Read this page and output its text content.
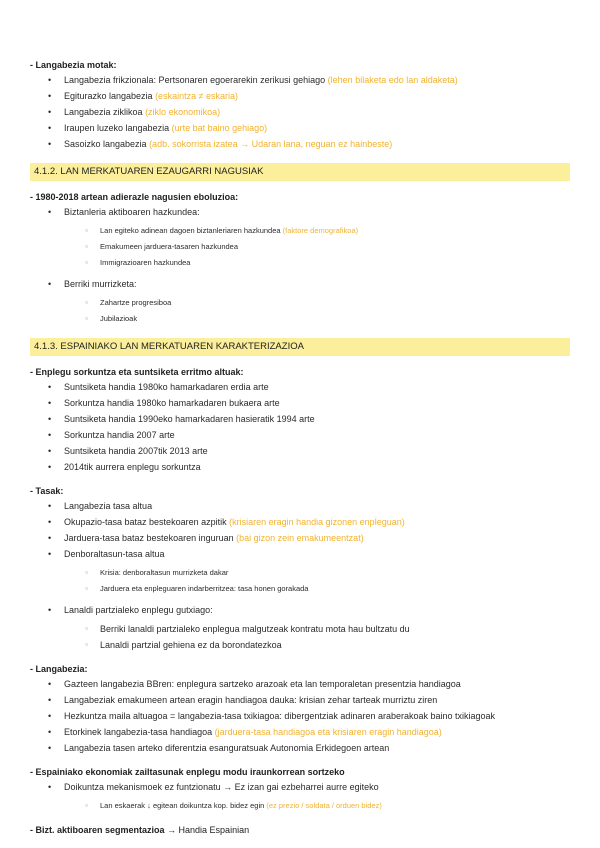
- Langabezia motak:

• Langabezia frikzionala: Pertsonaren egoerarekin zerikusi gehiago (lehen bilaketa edo lan aldaketa)
• Egiturazko langabezia (eskaintza ≠ eskaria)
• Langabezia ziklikoa (ziklo ekonomikoa)
• Iraupen luzeko langabezia (urte bat baino gehiago)
• Sasoizko langabezia (adb. sokorrista izatea → Udaran lana, neguan ez hainbeste)
4.1.2. LAN MERKATUAREN EZAUGARRI NAGUSIAK

- 1980-2018 artean adierazle nagusien eboluzioa:

• Biztanleria aktiboaren hazkundea:
○ Lan egiteko adinean dagoen biztanleriaren hazkundea (faktore demografikoa)
○ Emakumeen jarduera-tasaren hazkundea
○ Immigrazioaren hazkundea
• Berriki murrizketa:
○ Zahartze progresiboa
○ Jubilazioak
4.1.3. ESPAINIAKO LAN MERKATUAREN KARAKTERIZAZIOA

- Enplegu sorkuntza eta suntsiketa erritmo altuak:

• Suntsiketa handia 1980ko hamarkadaren erdia arte
• Sorkuntza handia 1980ko hamarkadaren bukaera arte
• Suntsiketa handia 1990eko hamarkadaren hasieratik 1994 arte
• Sorkuntza handia 2007 arte
• Suntsiketa handia 2007tik 2013 arte
• 2014tik aurrera enplegu sorkuntza

- Tasak:

• Langabezia tasa altua
• Okupazio-tasa bataz bestekoaren azpitik (krisiaren eragin handia gizonen enpleguan)
• Jarduera-tasa bataz bestekoaren inguruan (bai gizon zein emakumeentzat)
• Denboraltasun-tasa altua
○ Krisia: denboraltasun murrizketa dakar
○ Jarduera eta enpleguaren indarberritzea: tasa honen gorakada
• Lanaldi partzialeko enplegu gutxiago:
○ Berriki lanaldi partzialeko enplegua malgutzeak kontratu mota hau bultzatu du
○ Lanaldi partzial gehiena ez da borondatezkoa

- Langabezia:

• Gazteen langabezia BBren: enplegura sartzeko arazoak eta lan temporaletan presentzia handiagoa
• Langabeziak emakumeen artean eragin handiagoa dauka: krisian zehar tarteak murriztu ziren
• Hezkuntza maila altuagoa = langabezia-tasa txikiagoa: dibergentziak adinaren araberakoak baino txikiagoak
• Etorkinek langabezia-tasa handiagoa (jarduera-tasa handiagoa eta krisiaren eragin handiagoa)
• Langabezia tasen arteko diferentzia esanguratsuak Autonomia Erkidegoen artean

- Espainiako ekonomiak zailtasunak enplegu modu iraunkorrean sortzeko

• Doikuntza mekanismoek ez funtzionatu → Ez izan gai ezbeharrei aurre egiteko
○ Lan eskaerak ↓ egitean doikuntza kop. bidez egin (ez prezio / soldata / orduen bidez)

- Bizt. aktiboaren segmentazioa → Handia Espainian
